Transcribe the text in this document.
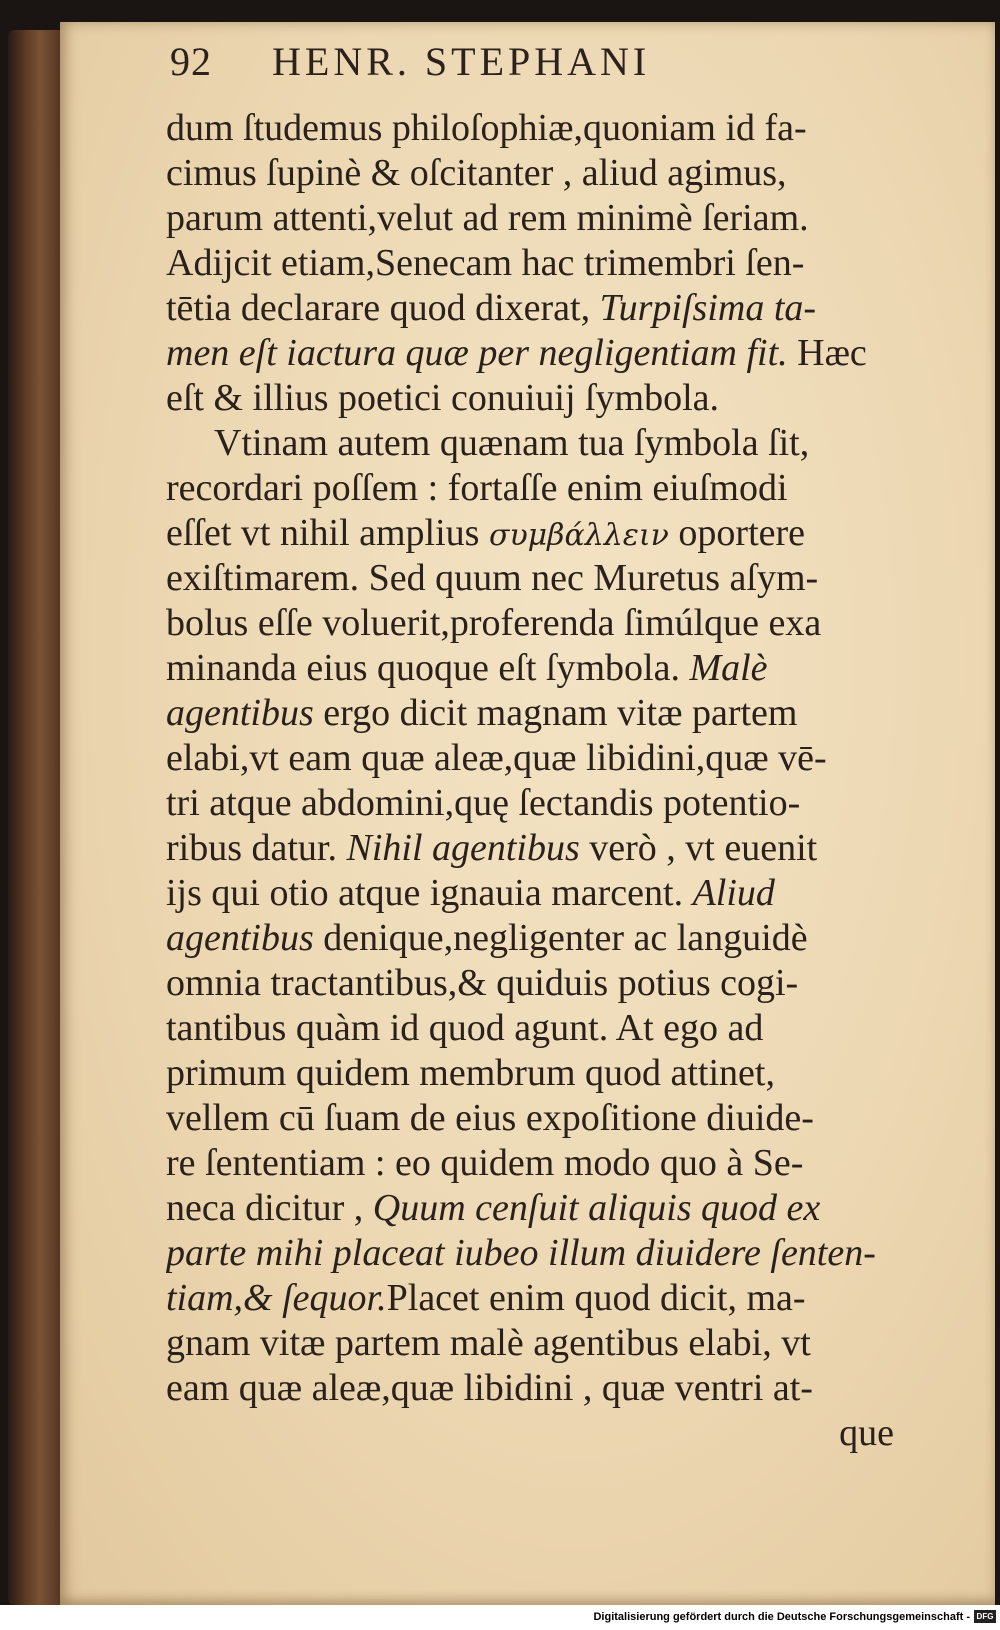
92 HENR. STEPHANI
dum ſtudemus philoſophiæ,quoniam id fa-
cimus ſupinè & oſcitanter , aliud agimus,
parum attenti,velut ad rem minimè ſeriam.
Adijcit etiam,Senecam hac trimembri ſen-
tētia declarare quod dixerat, Turpiſsima ta-
men eſt iactura quæ per negligentiam fit. Hæc
eſt & illius poetici conuiuij ſymbola.
Vtinam autem quænam tua ſymbola ſit,
recordari poſſem : fortaſſe enim eiuſmodi
eſſet vt nihil amplius συμβάλλειν oportere
exiſtimarem. Sed quum nec Muretus aſym-
bolus eſſe voluerit,proferenda ſimúlque exa
minanda eius quoque eſt ſymbola. Malè
agentibus ergo dicit magnam vitæ partem
elabi,vt eam quæ aleæ,quæ libidini,quæ vē-
tri atque abdomini,quę ſectandis potentio-
ribus datur. Nihil agentibus verò , vt euenit
ijs qui otio atque ignauia marcent. Aliud
agentibus denique,negligenter ac languidè
omnia tractantibus,& quiduis potius cogi-
tantibus quàm id quod agunt. At ego ad
primum quidem membrum quod attinet,
vellem cū ſuam de eius expoſitione diuide-
re ſententiam : eo quidem modo quo à Se-
neca dicitur , Quum cenſuit aliquis quod ex
parte mihi placeat iubeo illum diuidere ſenten-
tiam,& ſequor.Placet enim quod dicit, ma-
gnam vitæ partem malè agentibus elabi, vt
eam quæ aleæ,quæ libidini , quæ ventri at-
que
Digitalisierung gefördert durch die Deutsche Forschungsgemeinschaft - DFG
